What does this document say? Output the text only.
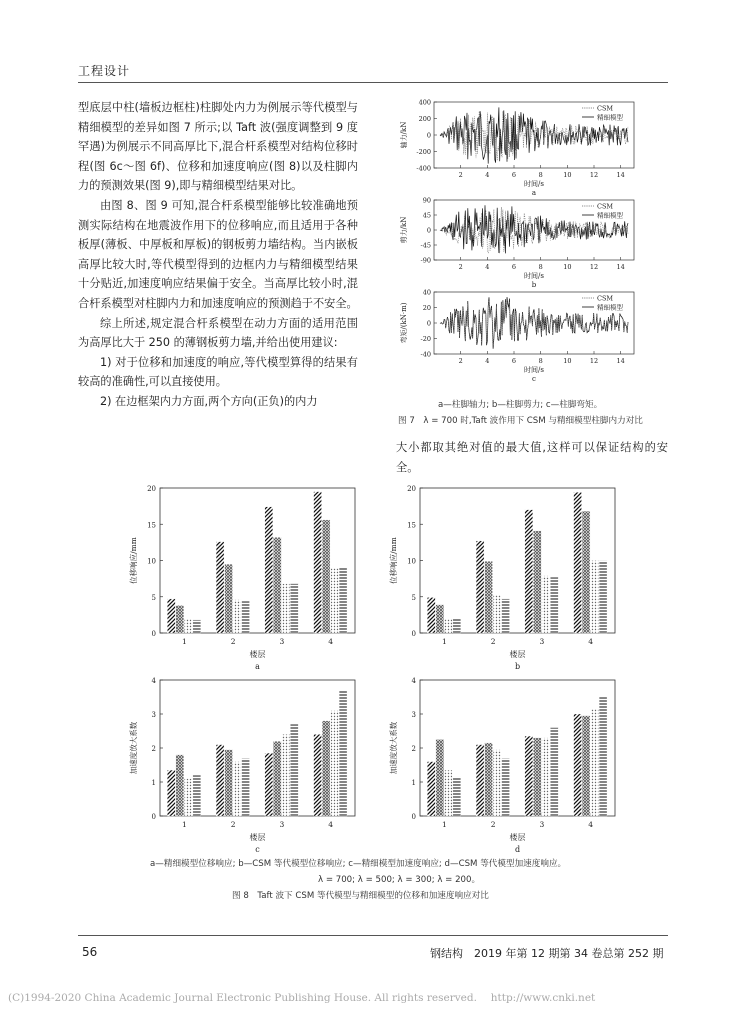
工程设计

型底层中柱(墙板边框柱)柱脚处内力为例展示等代模型与精细模型的差异如图 7 所示;以 Taft 波(强度调整到 9 度罕遇)为例展示不同高厚比下,混合杆系模型对结构位移时程(图 6c～图 6f)、位移和加速度响应(图 8)以及柱脚内力的预测效果(图 9),即与精细模型结果对比。

由图 8、图 9 可知,混合杆系模型能够比较准确地预测实际结构在地震波作用下的位移响应,而且适用于各种板厚(薄板、中厚板和厚板)的钢板剪力墙结构。当内嵌板高厚比较大时,等代模型得到的边框内力与精细模型结果十分贴近,加速度响应结果偏于安全。当高厚比较小时,混合杆系模型对柱脚内力和加速度响应的预测趋于不安全。

综上所述,规定混合杆系模型在动力方面的适用范围为高厚比大于 250 的薄钢板剪力墙,并给出使用建议:

1) 对于位移和加速度的响应,等代模型算得的结果有较高的准确性,可以直接使用。

2) 在边框架内力方面,两个方向(正负)的内力

400
200
0
-200
-400
2	4	6	8	10	12	14
时间/s
a
轴力/kN
CSM
精细模型
90
45
0
-45
-90
2	4	6	8	10	12	14
时间/s
b
剪力/kN
CSM
精细模型
40
20
0
-20
-40
2	4	6	8	10	12	14
时间/s
c
弯矩/(kN·m)
CSM
精细模型
a—柱脚轴力; b—柱脚剪力; c—柱脚弯矩。
图 7　λ = 700 时,Taft 波作用下 CSM 与精细模型柱脚内力对比

大小都取其绝对值的最大值,这样可以保证结构的安全。

0
5
10
15
20
1	2	3	4
楼层
a
位移响应/mm
0
5
10
15
20
1	2	3	4
楼层
b
位移响应/mm
0
1
2
3
4
1	2	3	4
楼层
c
加速度放大系数
0
1
2
3
4
1	2	3	4
楼层
d
加速度放大系数
a—精细模型位移响应; b—CSM 等代模型位移响应; c—精细模型加速度响应; d—CSM 等代模型加速度响应。
λ = 700; λ = 500; λ = 300; λ = 200。
图 8　Taft 波下 CSM 等代模型与精细模型的位移和加速度响应对比
56	钢结构　2019 年第 12 期第 34 卷总第 252 期
(C)1994-2020 China Academic Journal Electronic Publishing House. All rights reserved.　 http://www.cnki.net
